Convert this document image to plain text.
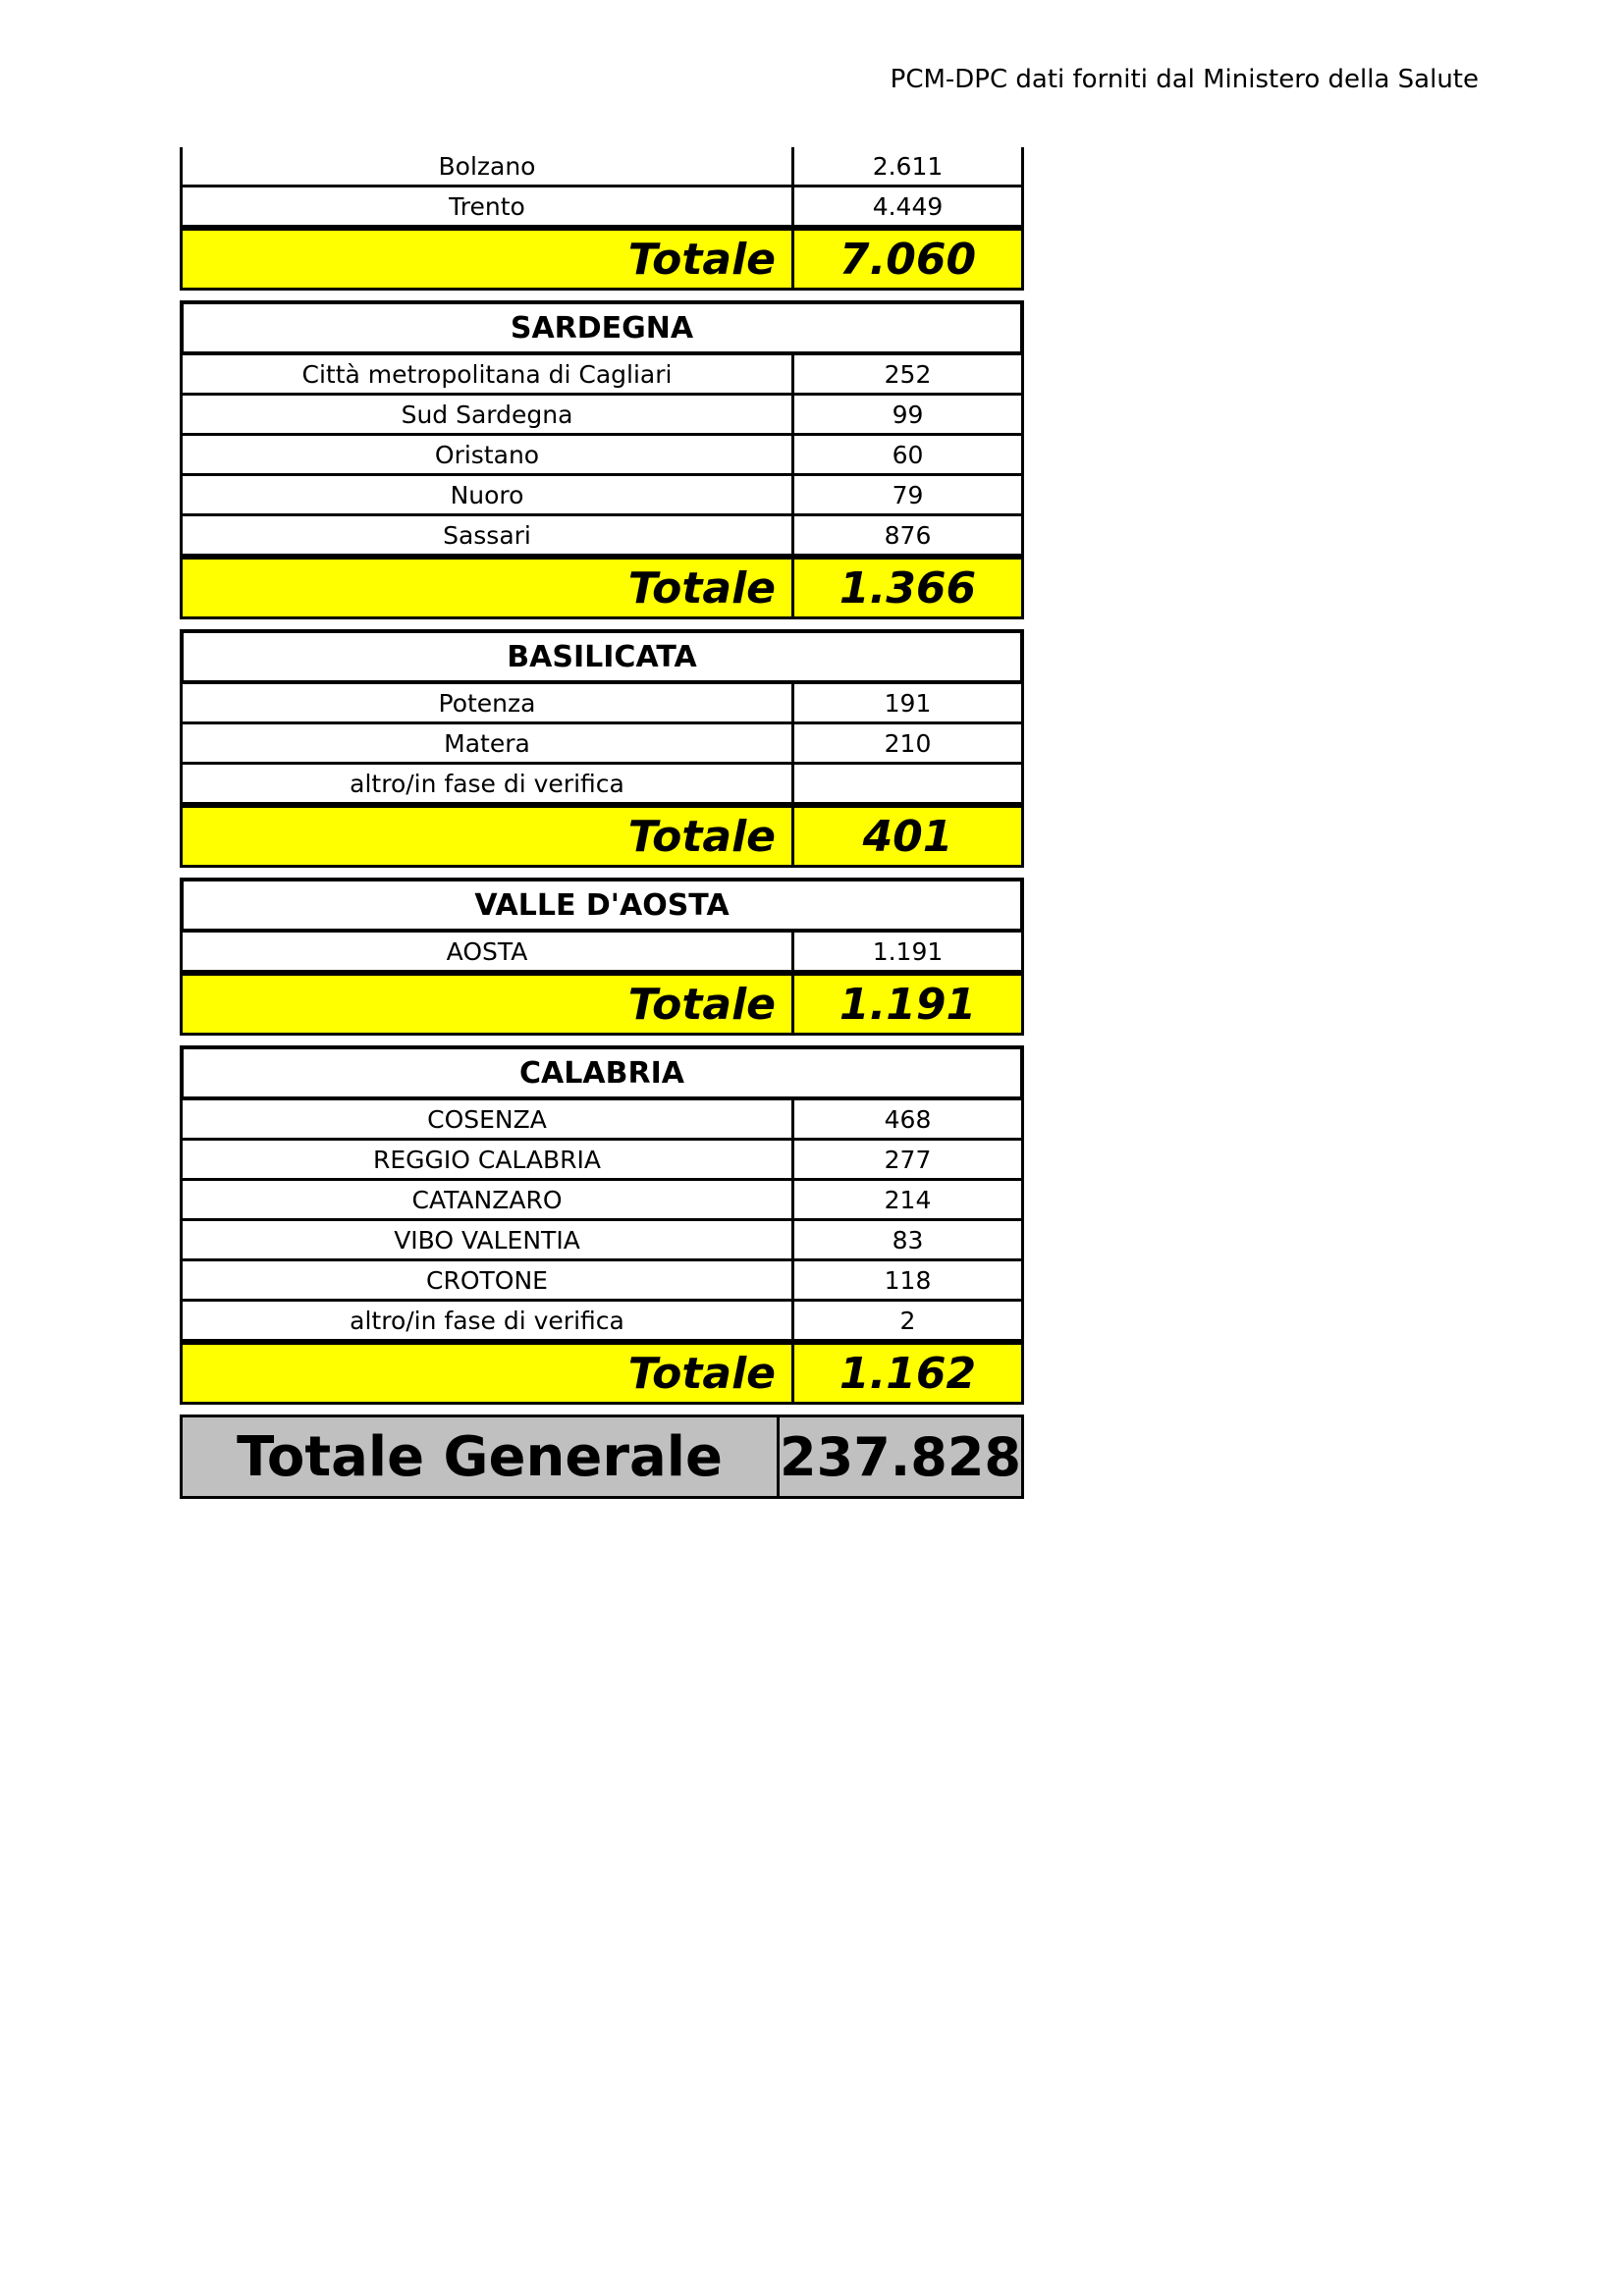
PCM-DPC dati forniti dal Ministero della Salute
Bolzano	2.611
Trento	4.449
Totale	7.060
SARDEGNA
Città metropolitana di Cagliari	252
Sud Sardegna	99
Oristano	60
Nuoro	79
Sassari	876
Totale	1.366
BASILICATA
Potenza	191
Matera	210
altro/in fase di verifica
Totale	401
VALLE D'AOSTA
AOSTA	1.191
Totale	1.191
CALABRIA
COSENZA	468
REGGIO CALABRIA	277
CATANZARO	214
VIBO VALENTIA	83
CROTONE	118
altro/in fase di verifica	2
Totale	1.162
Totale Generale	237.828
